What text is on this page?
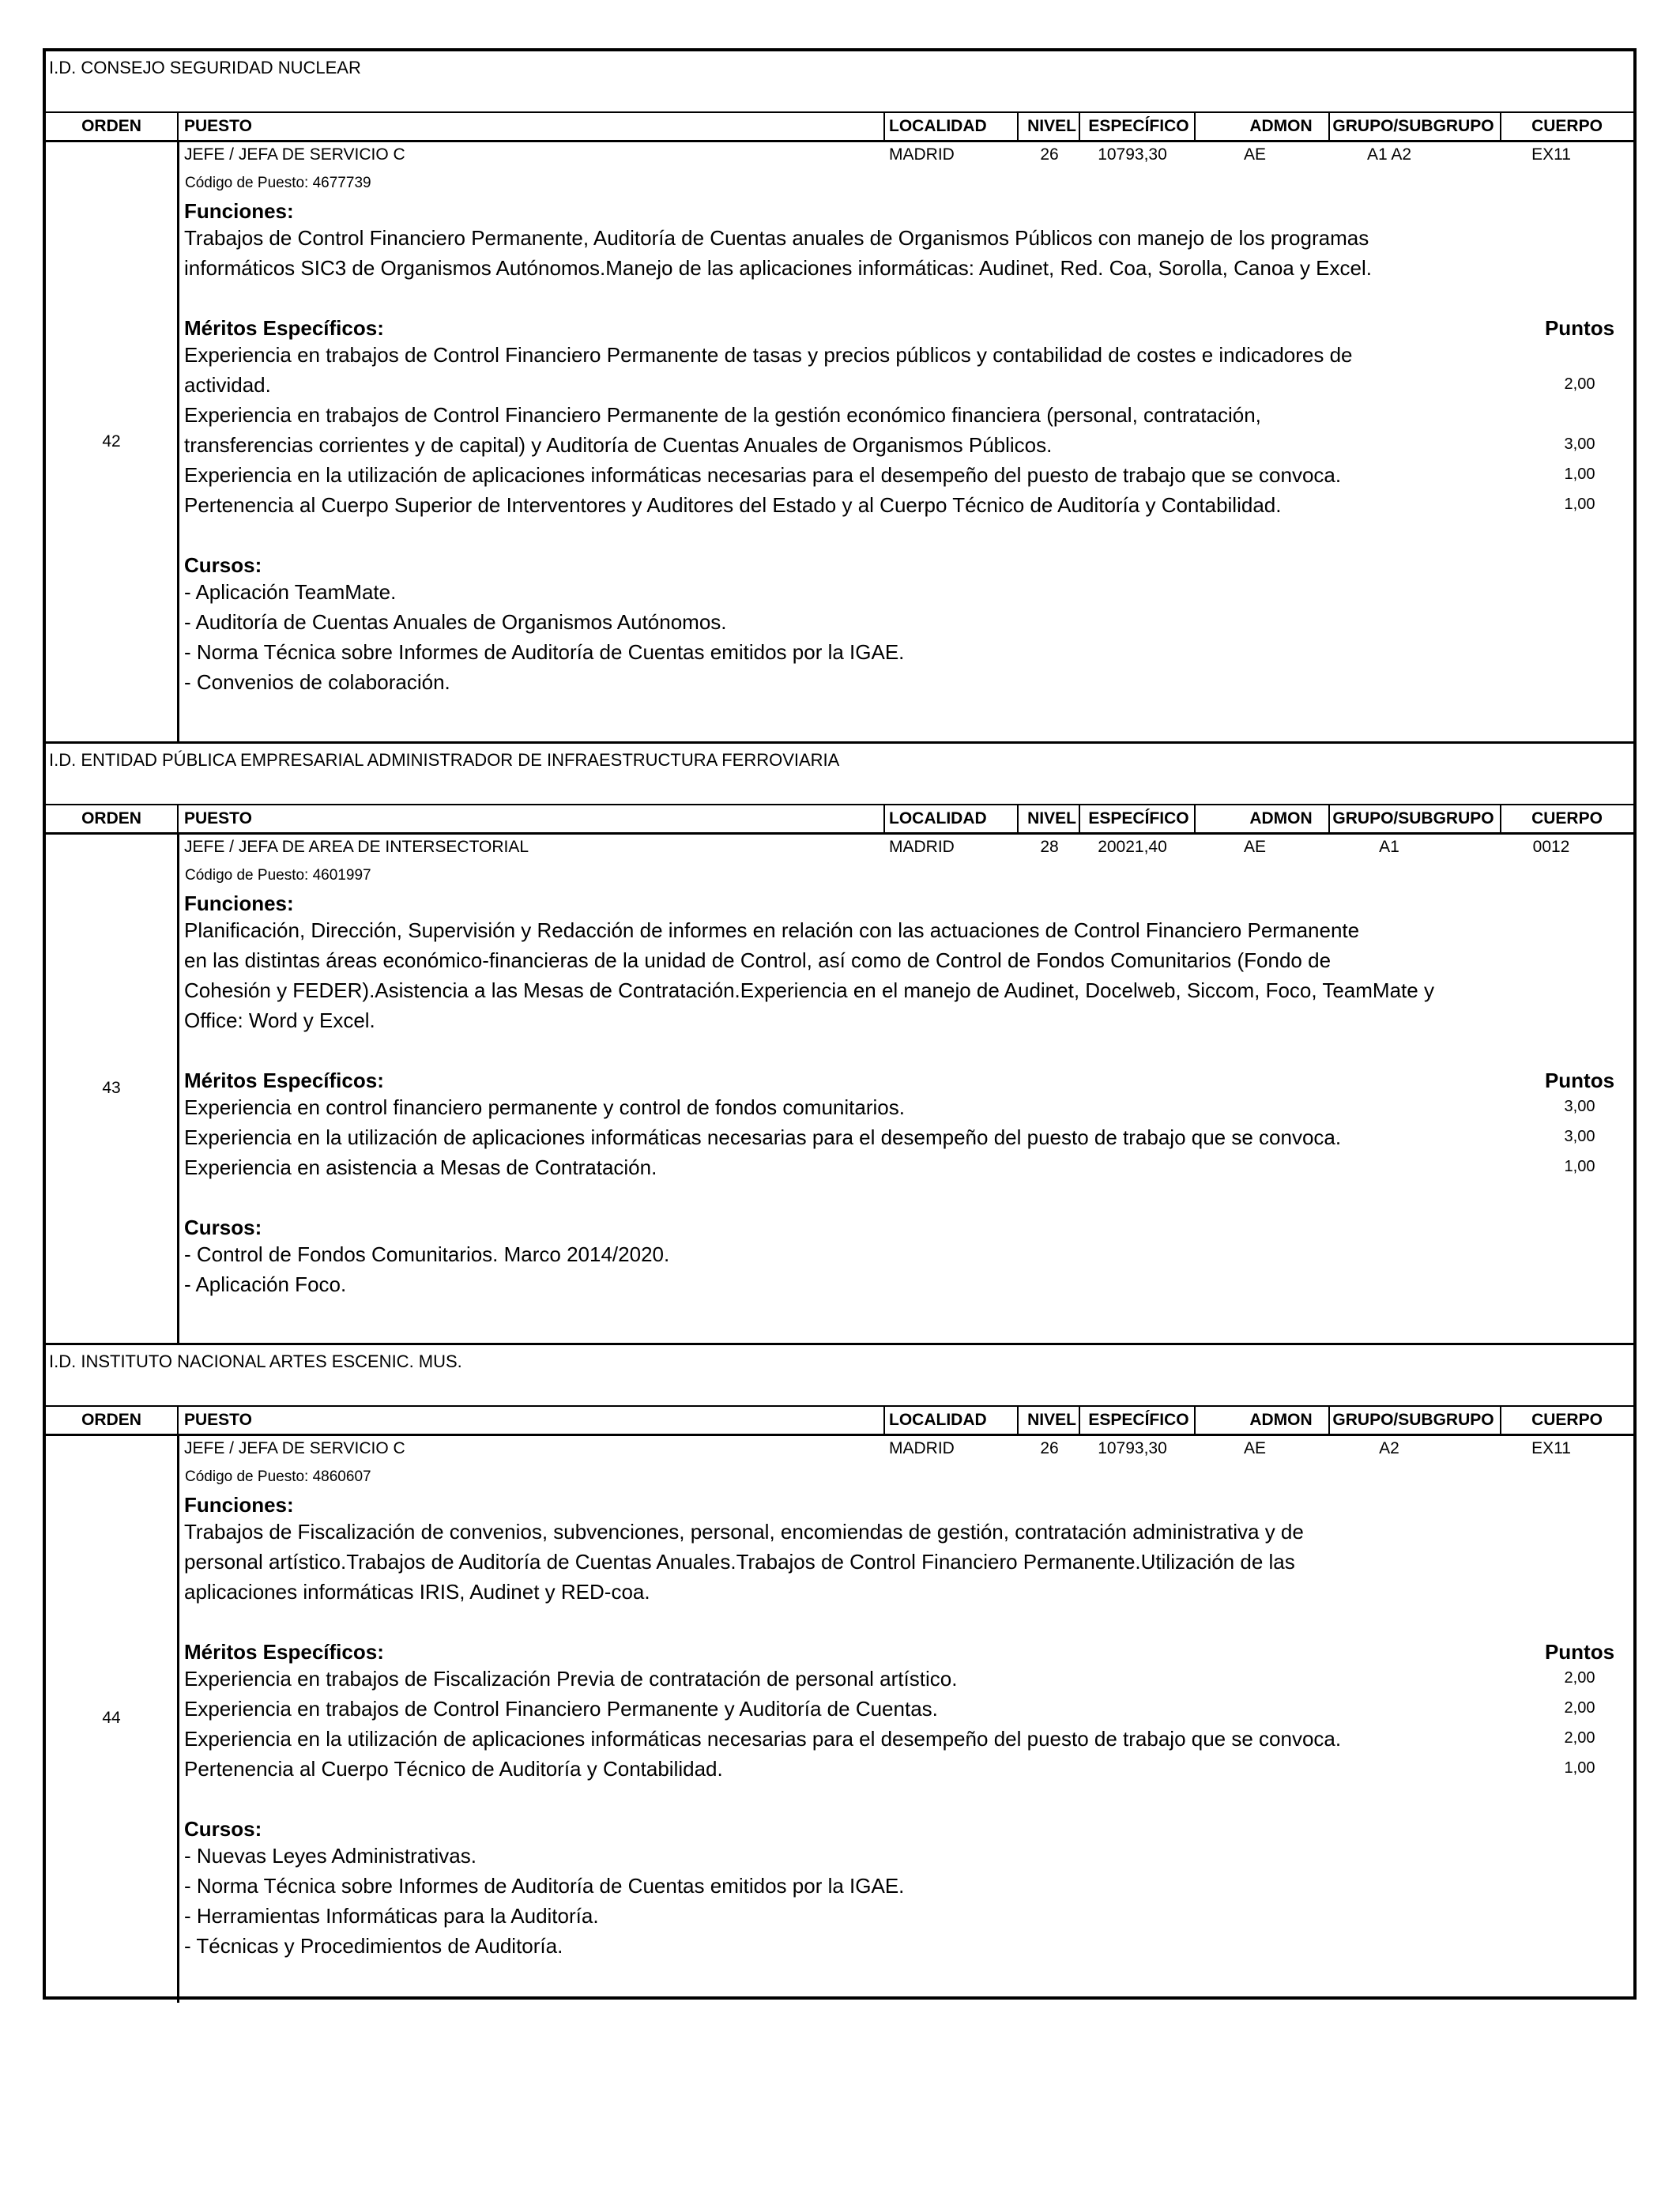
I.D. CONSEJO SEGURIDAD NUCLEAR
ORDEN	PUESTO	LOCALIDAD	NIVEL ESPECÍFICO	ADMON	GRUPO/SUBGRUPO	CUERPO
42
JEFE / JEFA DE SERVICIO C	MADRID	26	10793,30	AE	A1 A2	EX11
Código de Puesto: 4677739
Funciones:
Trabajos de Control Financiero Permanente, Auditoría de Cuentas anuales de Organismos Públicos con manejo de los programas
informáticos SIC3 de Organismos Autónomos.Manejo de las aplicaciones informáticas: Audinet, Red. Coa, Sorolla, Canoa y Excel.
Méritos Específicos:	Puntos
Experiencia en trabajos de Control Financiero Permanente de tasas y precios públicos y contabilidad de costes e indicadores de
actividad.	2,00
Experiencia en trabajos de Control Financiero Permanente de la gestión económico financiera (personal, contratación,
transferencias corrientes y de capital) y Auditoría de Cuentas Anuales de Organismos Públicos.	3,00
Experiencia en la utilización de aplicaciones informáticas necesarias para el desempeño del puesto de trabajo que se convoca.	1,00
Pertenencia al Cuerpo Superior de Interventores y Auditores del Estado y al Cuerpo Técnico de Auditoría y Contabilidad.	1,00
Cursos:
- Aplicación TeamMate.
- Auditoría de Cuentas Anuales de Organismos Autónomos.
- Norma Técnica sobre Informes de Auditoría de Cuentas emitidos por la IGAE.
- Convenios de colaboración.
I.D. ENTIDAD PÚBLICA EMPRESARIAL ADMINISTRADOR DE INFRAESTRUCTURA FERROVIARIA
ORDEN	PUESTO	LOCALIDAD	NIVEL ESPECÍFICO	ADMON	GRUPO/SUBGRUPO	CUERPO
43
JEFE / JEFA DE AREA DE INTERSECTORIAL	MADRID	28	20021,40	AE	A1	0012
Código de Puesto: 4601997
Funciones:
Planificación, Dirección, Supervisión y Redacción de informes en relación con las actuaciones de Control Financiero Permanente
en las distintas áreas económico-financieras de la unidad de Control, así como de Control de Fondos Comunitarios (Fondo de
Cohesión y FEDER).Asistencia a las Mesas de Contratación.Experiencia en el manejo de Audinet, Docelweb, Siccom, Foco, TeamMate y
Office: Word y Excel.
Méritos Específicos:	Puntos
Experiencia en control financiero permanente y control de fondos comunitarios.	3,00
Experiencia en la utilización de aplicaciones informáticas necesarias para el desempeño del puesto de trabajo que se convoca.	3,00
Experiencia en asistencia a Mesas de Contratación.	1,00
Cursos:
- Control de Fondos Comunitarios. Marco 2014/2020.
- Aplicación Foco.
I.D. INSTITUTO NACIONAL ARTES ESCENIC. MUS.
ORDEN	PUESTO	LOCALIDAD	NIVEL ESPECÍFICO	ADMON	GRUPO/SUBGRUPO	CUERPO
44
JEFE / JEFA DE SERVICIO C	MADRID	26	10793,30	AE	A2	EX11
Código de Puesto: 4860607
Funciones:
Trabajos de Fiscalización de convenios, subvenciones, personal, encomiendas de gestión, contratación administrativa y de
personal artístico.Trabajos de Auditoría de Cuentas Anuales.Trabajos de Control Financiero Permanente.Utilización de las
aplicaciones informáticas IRIS, Audinet y RED-coa.
Méritos Específicos:	Puntos
Experiencia en trabajos de Fiscalización Previa de contratación de personal artístico.	2,00
Experiencia en trabajos de Control Financiero Permanente y Auditoría de Cuentas.	2,00
Experiencia en la utilización de aplicaciones informáticas necesarias para el desempeño del puesto de trabajo que se convoca.	2,00
Pertenencia al Cuerpo Técnico de Auditoría y Contabilidad.	1,00
Cursos:
- Nuevas Leyes Administrativas.
- Norma Técnica sobre Informes de Auditoría de Cuentas emitidos por la IGAE.
- Herramientas Informáticas para la Auditoría.
- Técnicas y Procedimientos de Auditoría.
